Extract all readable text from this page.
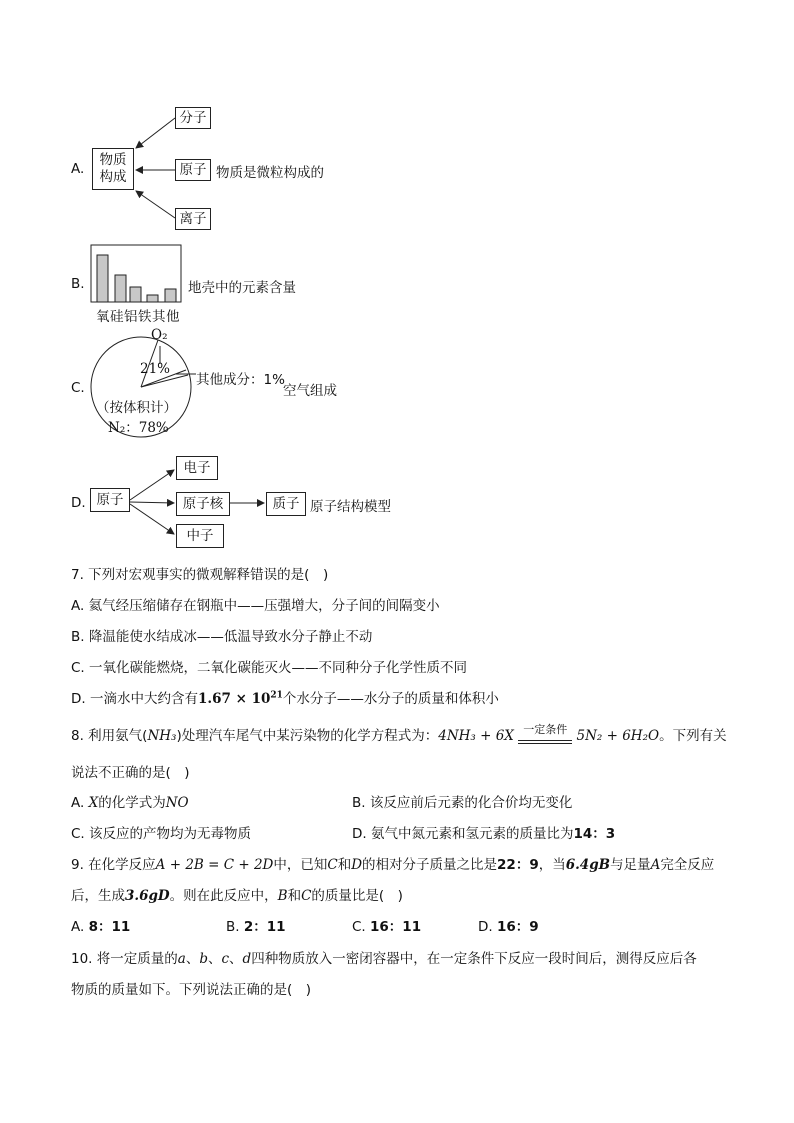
A.
物质
构成
分子
原子
离子
物质是微粒构成的
B.	地壳中的元素含量
氧硅铝铁其他
C.
O₂
21%
其他成分：1%
空气组成
（按体积计）
N₂：78%
D. 原子
电子
原子核
中子
质子 原子结构模型
7. 下列对宏观事实的微观解释错误的是(　)
A. 氦气经压缩储存在钢瓶中——压强增大，分子间的间隔变小
B. 降温能使水结成冰——低温导致水分子静止不动
C. 一氧化碳能燃烧，二氧化碳能灭火——不同种分子化学性质不同
D. 一滴水中大约含有$1.67 \times 10^{21}$个水分子——水分子的质量和体积小
8. 利用氨气(NH₃)处理汽车尾气中某污染物的化学方程式为：4NH₃ + 6X 一定条件 5N₂ + 6H₂O。下列有关
说法不正确的是(　)
A. X的化学式为NO	B. 该反应前后元素的化合价均无变化
C. 该反应的产物均为无毒物质	D. 氨气中氮元素和氢元素的质量比为14：3
9. 在化学反应A + 2B = C + 2D中，已知C和D的相对分子质量之比是22：9，当6.4gB与足量A完全反应
后，生成3.6gD。则在此反应中，B和C的质量比是(　)
A. 8：11	B. 2：11	C. 16：11	D. 16：9
10. 将一定质量的a、b、c、d四种物质放入一密闭容器中，在一定条件下反应一段时间后，测得反应后各
物质的质量如下。下列说法正确的是(　)
